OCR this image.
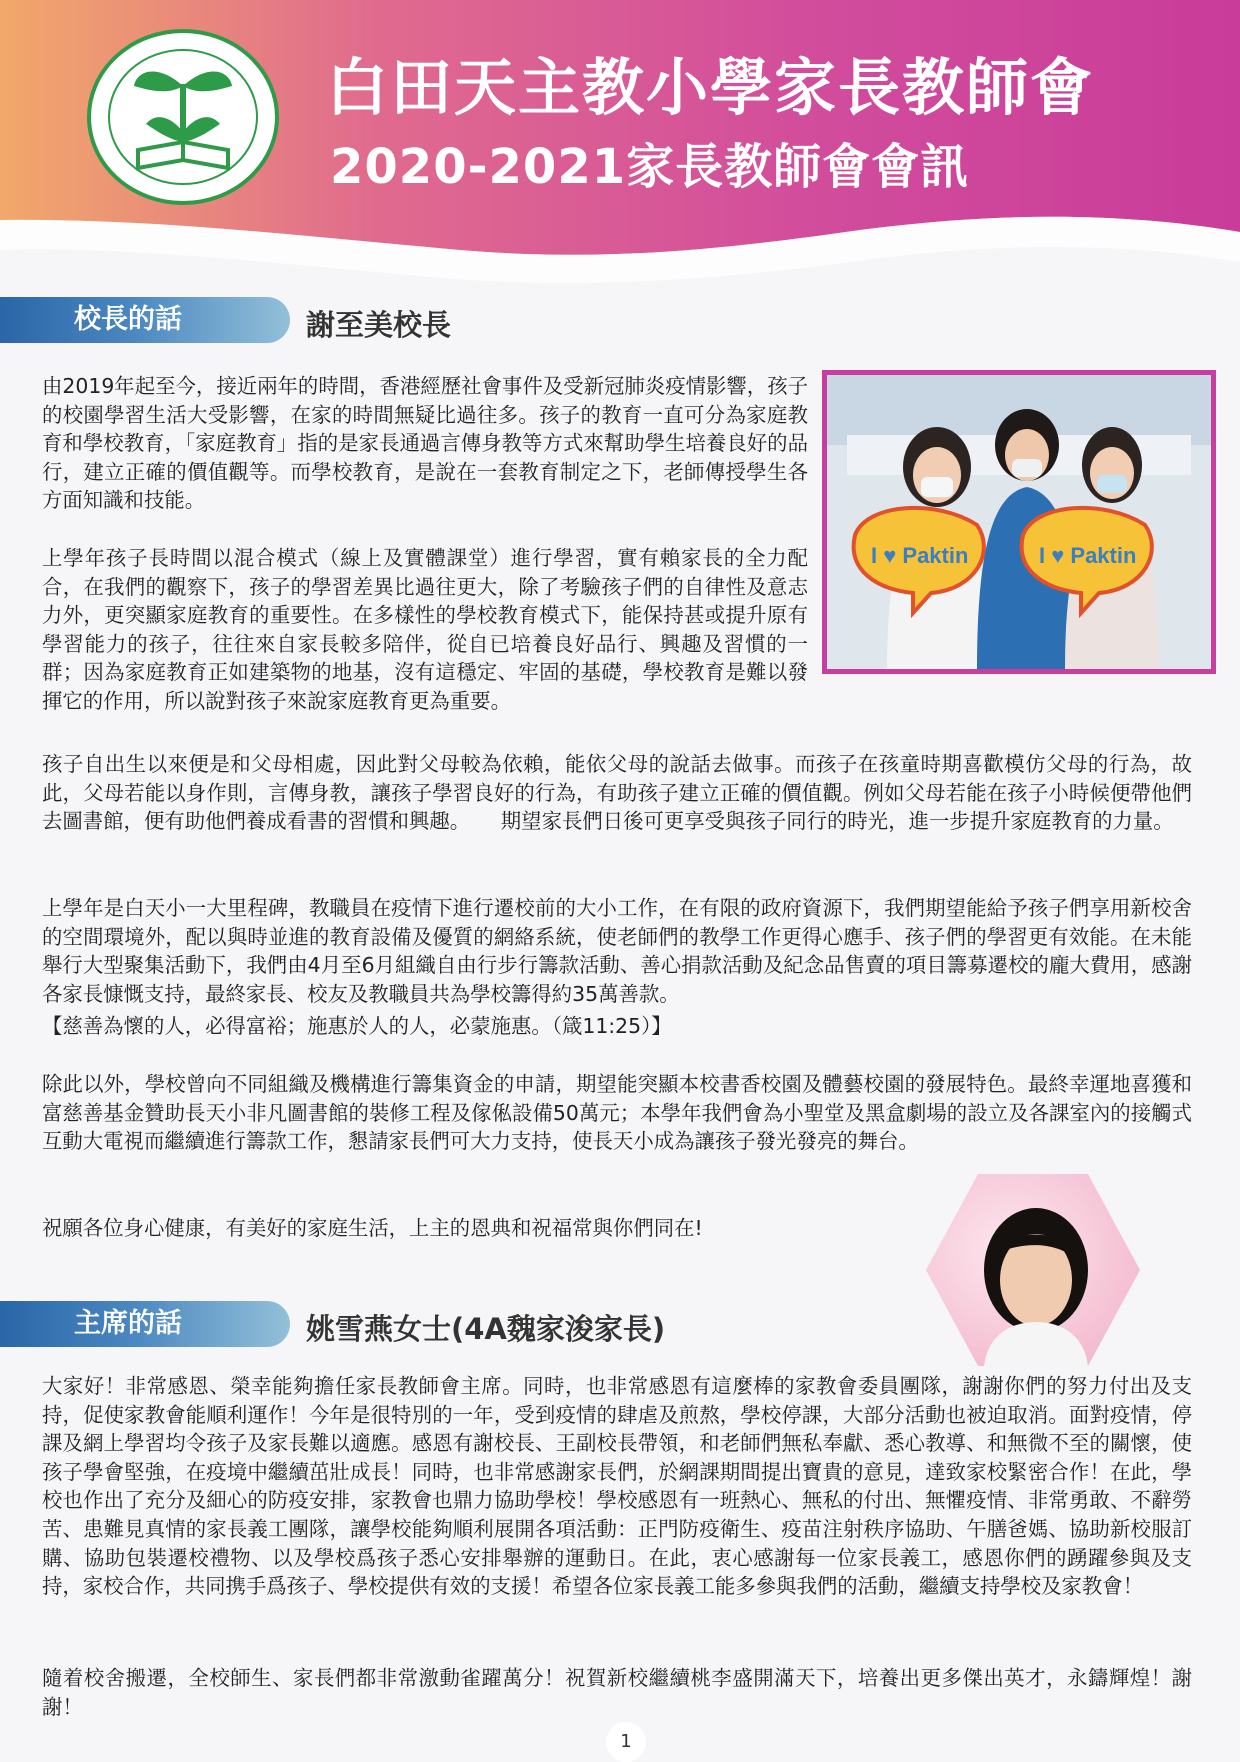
白田天主教小學家長教師會
2020-2021家長教師會會訊
校長的話	謝至美校長

由2019年起至今，接近兩年的時間，香港經歷社會事件及受新冠肺炎疫情影響，孩子的校園學習生活大受影響，在家的時間無疑比過往多。孩子的教育一直可分為家庭教育和學校教育，「家庭教育」指的是家長通過言傳身教等方式來幫助學生培養良好的品行，建立正確的價值觀等。而學校教育，是說在一套教育制定之下，老師傳授學生各方面知識和技能。

上學年孩子長時間以混合模式（線上及實體課堂）進行學習，實有賴家長的全力配合，在我們的觀察下，孩子的學習差異比過往更大，除了考驗孩子們的自律性及意志力外，更突顯家庭教育的重要性。在多樣性的學校教育模式下，能保持甚或提升原有學習能力的孩子，往往來自家長較多陪伴，從自已培養良好品行、興趣及習慣的一群；因為家庭教育正如建築物的地基，沒有這穩定、牢固的基礎，學校教育是難以發揮它的作用，所以說對孩子來說家庭教育更為重要。

孩子自出生以來便是和父母相處，因此對父母較為依賴，能依父母的說話去做事。而孩子在孩童時期喜歡模仿父母的行為，故此，父母若能以身作則，言傳身教，讓孩子學習良好的行為，有助孩子建立正確的價值觀。例如父母若能在孩子小時候便帶他們去圖書館，便有助他們養成看書的習慣和興趣。　　期望家長們日後可更享受與孩子同行的時光，進一步提升家庭教育的力量。

上學年是白天小一大里程碑，教職員在疫情下進行遷校前的大小工作，在有限的政府資源下，我們期望能給予孩子們享用新校舍的空間環境外，配以與時並進的教育設備及優質的網絡系統，使老師們的教學工作更得心應手、孩子們的學習更有效能。在未能舉行大型聚集活動下，我們由4月至6月組織自由行步行籌款活動、善心捐款活動及紀念品售賣的項目籌募遷校的龐大費用，感謝各家長慷慨支持，最終家長、校友及教職員共為學校籌得約35萬善款。

【慈善為懷的人，必得富裕；施惠於人的人，必蒙施惠。（箴11:25）】

除此以外，學校曾向不同組織及機構進行籌集資金的申請，期望能突顯本校書香校園及體藝校園的發展特色。最終幸運地喜獲和富慈善基金贊助長天小非凡圖書館的裝修工程及傢俬設備50萬元；本學年我們會為小聖堂及黑盒劇場的設立及各課室內的接觸式互動大電視而繼續進行籌款工作，懇請家長們可大力支持，使長天小成為讓孩子發光發亮的舞台。

祝願各位身心健康，有美好的家庭生活，上主的恩典和祝福常與你們同在!

I ♥ Paktin	I ♥ Paktin
主席的話	姚雪燕女士(4A魏家浚家長)

大家好！非常感恩、榮幸能夠擔任家長教師會主席。同時，也非常感恩有這麼棒的家教會委員團隊，謝謝你們的努力付出及支持，促使家教會能順利運作！今年是很特別的一年，受到疫情的肆虐及煎熬，學校停課，大部分活動也被迫取消。面對疫情，停課及網上學習均令孩子及家長難以適應。感恩有謝校長、王副校長帶領，和老師們無私奉獻、悉心教導、和無微不至的關懷，使孩子學會堅強，在疫境中繼續茁壯成長！同時，也非常感謝家長們，於網課期間提出寶貴的意見，達致家校緊密合作！在此，學校也作出了充分及細心的防疫安排，家教會也鼎力協助學校！學校感恩有一班熱心、無私的付出、無懼疫情、非常勇敢、不辭勞苦、患難見真情的家長義工團隊，讓學校能夠順利展開各項活動：正門防疫衛生、疫苗注射秩序協助、午膳爸媽、協助新校服訂購、協助包裝遷校禮物、以及學校爲孩子悉心安排舉辦的運動日。在此，衷心感謝每一位家長義工，感恩你們的踴躍參與及支持，家校合作，共同携手爲孩子、學校提供有效的支援！希望各位家長義工能多參與我們的活動，繼續支持學校及家教會！

隨着校舍搬遷，全校師生、家長們都非常激動雀躍萬分！祝賀新校繼續桃李盛開滿天下，培養出更多傑出英才，永鑄輝煌！謝謝！

1
